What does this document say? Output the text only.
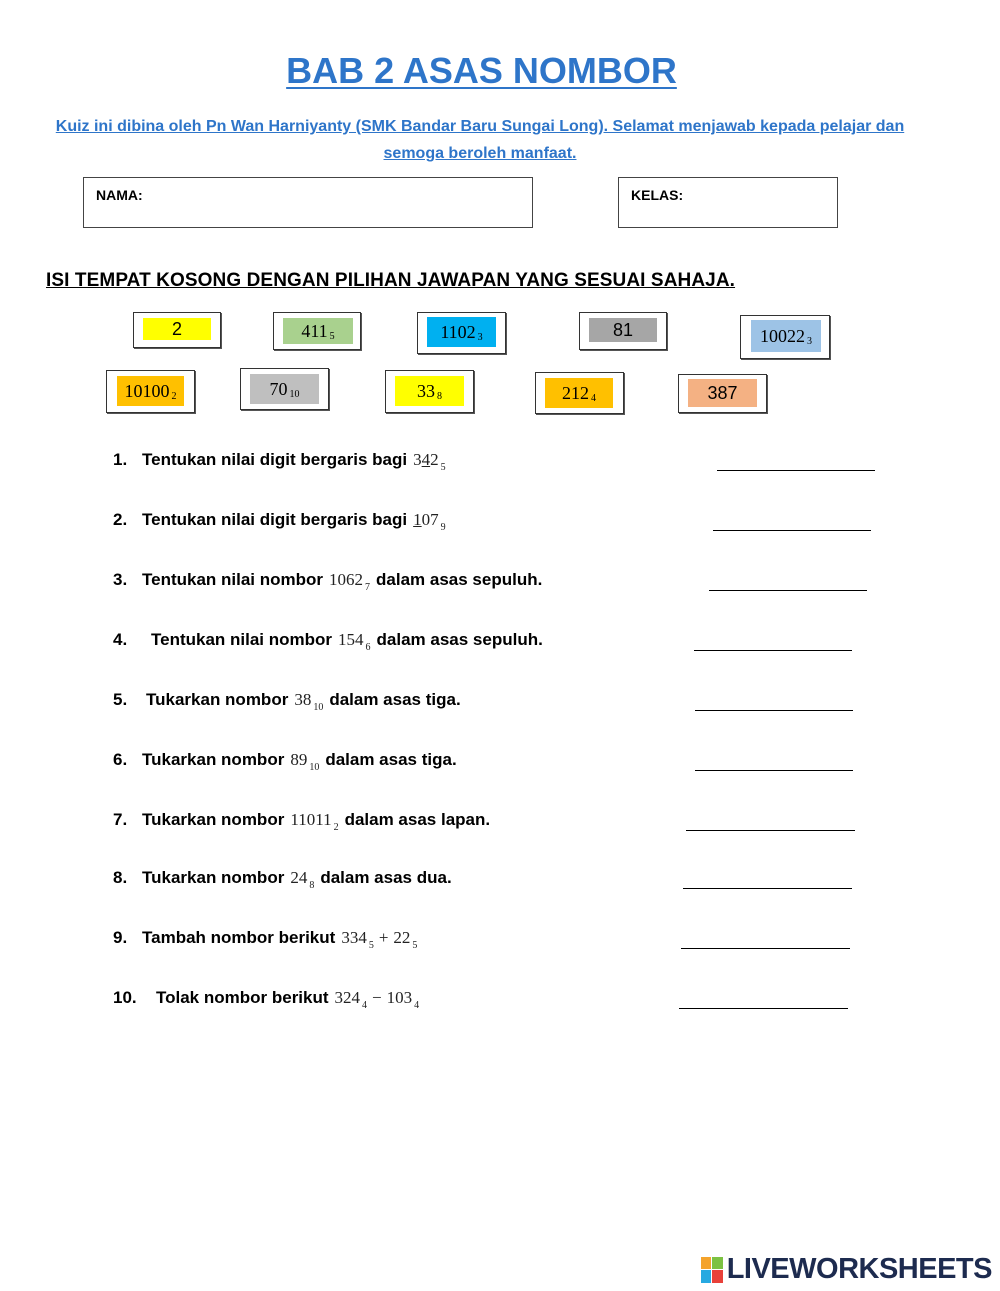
BAB 2 ASAS NOMBOR
Kuiz ini dibina oleh Pn Wan Harniyanty (SMK Bandar Baru Sungai Long). Selamat menjawab kepada pelajar dan semoga beroleh manfaat.
NAMA:	KELAS:
ISI TEMPAT KOSONG DENGAN PILIHAN JAWAPAN YANG SESUAI SAHAJA.
2	411 5	1102 3	81	10022 3
10100 2	70 10	33 8	212 4	387
1. Tentukan nilai digit bergaris bagi 342 $_5$
2. Tentukan nilai digit bergaris bagi 107 $_9$
3. Tentukan nilai nombor 1062 $_7$ dalam asas sepuluh.
4.	Tentukan nilai nombor 154 $_6$ dalam asas sepuluh.
5.	Tukarkan nombor 38 $_{10}$ dalam asas tiga.
6. Tukarkan nombor 89 $_{10}$ dalam asas tiga.
7. Tukarkan nombor 11011 $_2$ dalam asas lapan.
8. Tukarkan nombor 24 $_8$ dalam asas dua.
9. Tambah nombor berikut 334 $_5$ + 22 $_5$
10.	Tolak nombor berikut 324 $_4$ − 103 $_4$
LIVEWORKSHEETS
